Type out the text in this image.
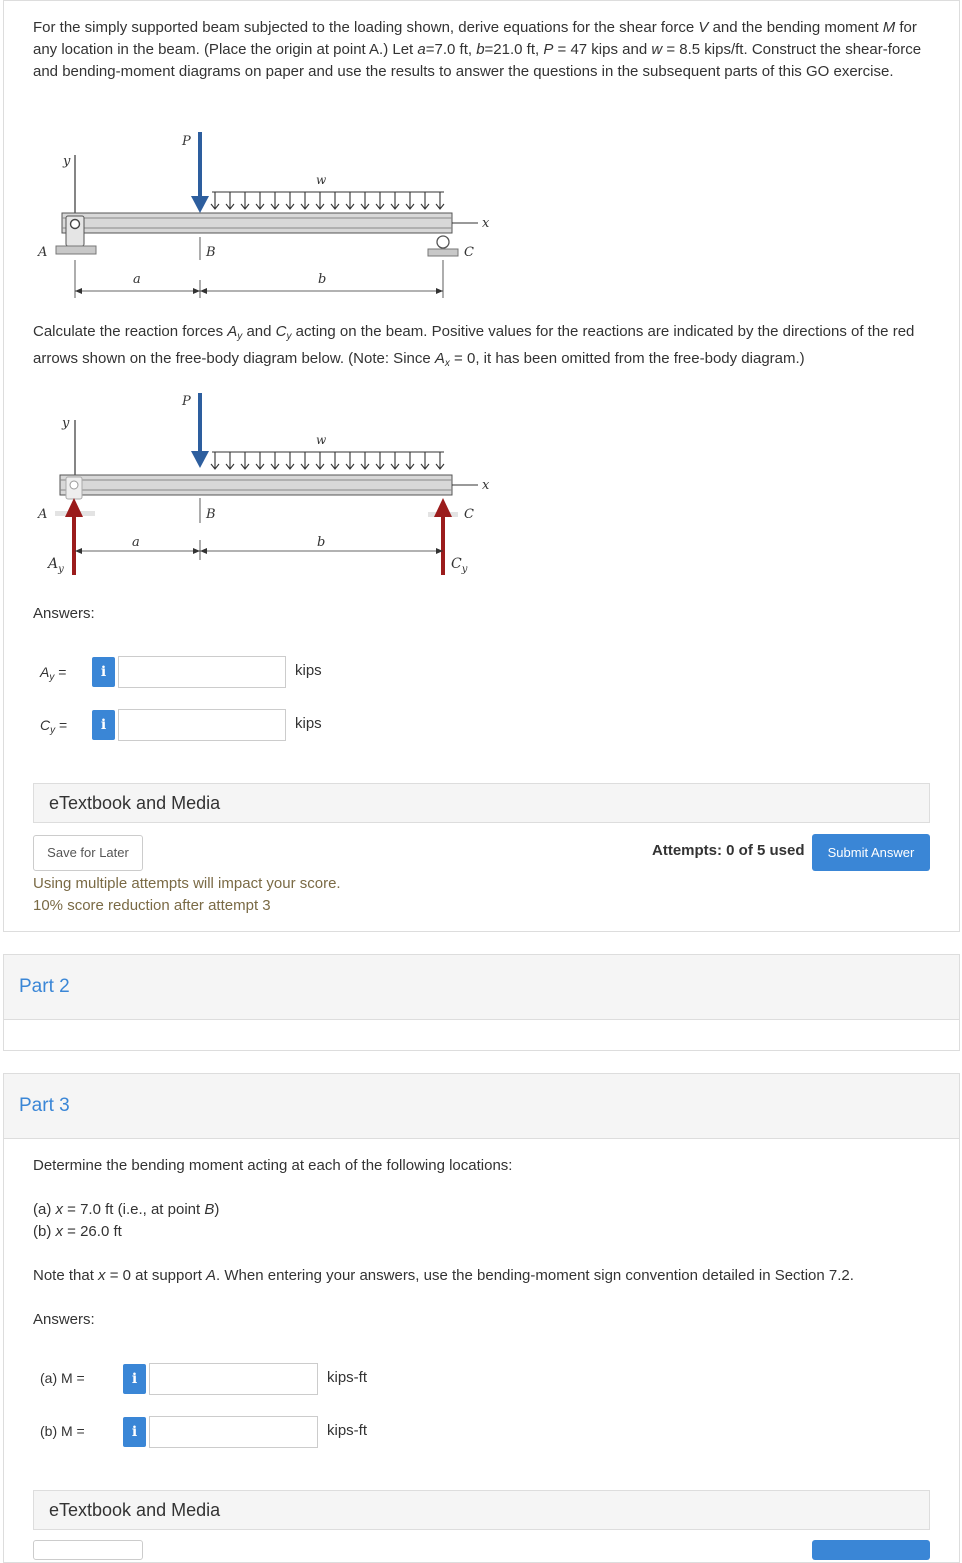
For the simply supported beam subjected to the loading shown, derive equations for the shear force V and the bending moment M for any location in the beam. (Place the origin at point A.) Let a=7.0 ft, b=21.0 ft, P = 47 kips and w = 8.5 kips/ft. Construct the shear-force and bending-moment diagrams on paper and use the results to answer the questions in the subsequent parts of this GO exercise.

y
x
P
w
A	B	C
a	b

Calculate the reaction forces $A_y$ and $C_y$ acting on the beam. Positive values for the reactions are indicated by the directions of the red arrows shown on the free-body diagram below. (Note: Since $A_x = 0$, it has been omitted from the free-body diagram.)

y
x
P
w
A	B	C
a	b
$A_y$	$C_y$
Answers:
$A_y$ =	i	kips
$C_y$ =	i	kips
eTextbook and Media
Save for Later	Attempts: 0 of 5 used	Submit Answer
Using multiple attempts will impact your score.
10% score reduction after attempt 3
Part 2
Part 3

Determine the bending moment acting at each of the following locations:

(a) x = 7.0 ft (i.e., at point B)
(b) x = 26.0 ft

Note that x = 0 at support A. When entering your answers, use the bending-moment sign convention detailed in Section 7.2.

Answers:
(a) M =	i	kips-ft
(b) M =	i	kips-ft
eTextbook and Media
